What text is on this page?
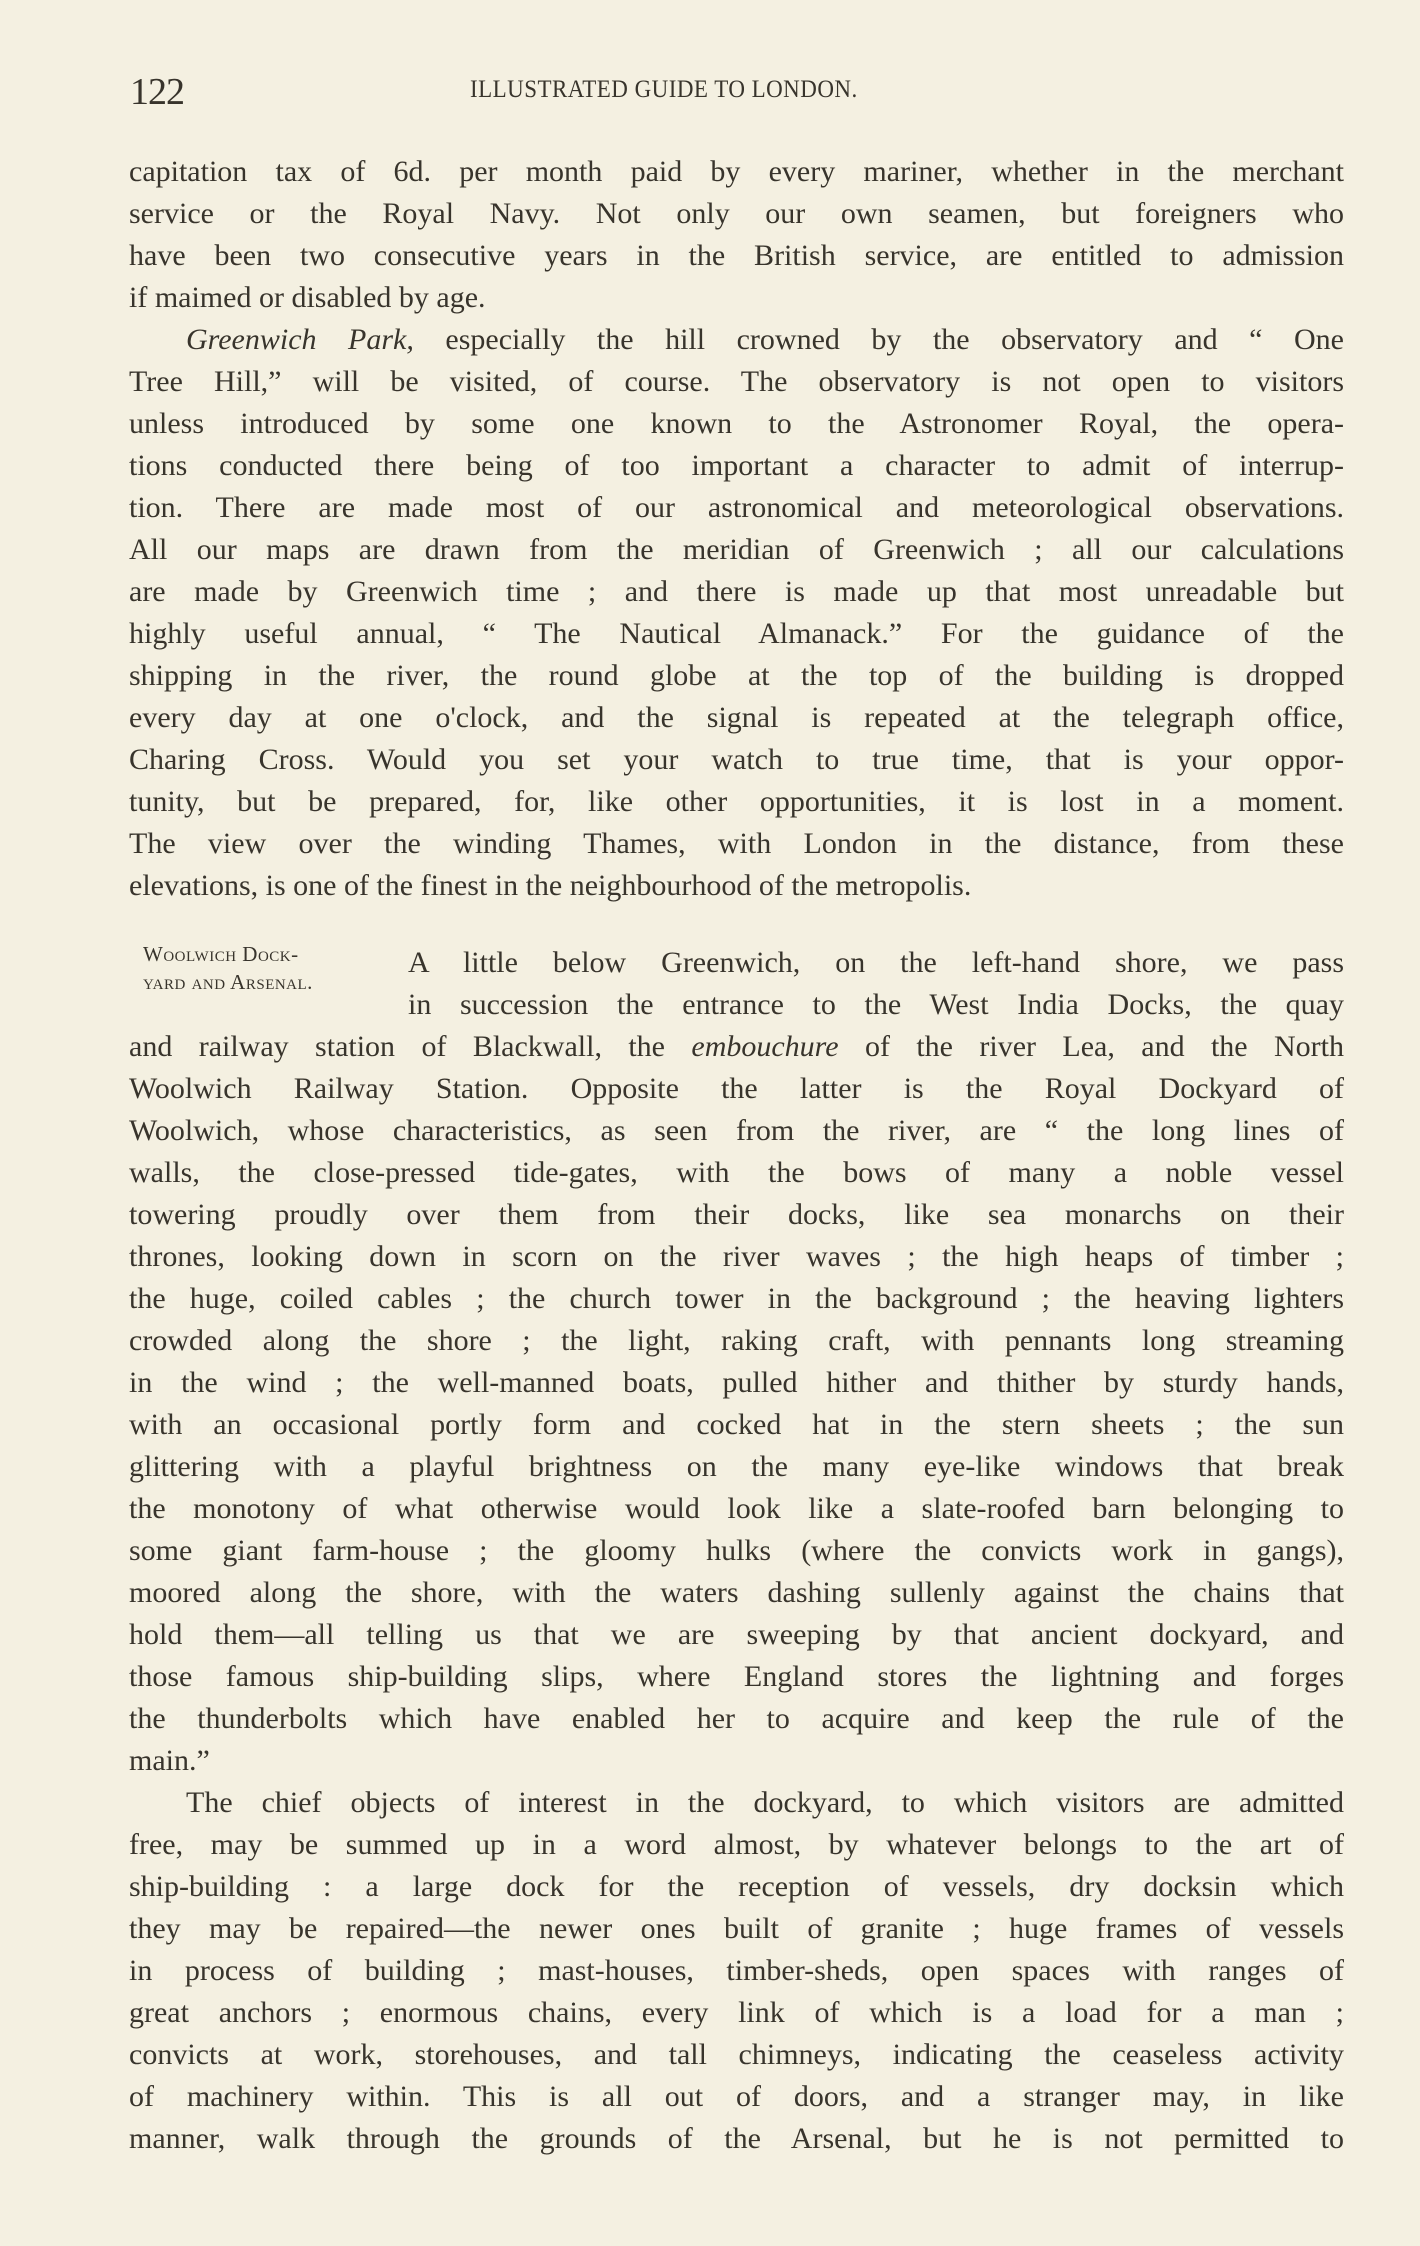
122	ILLUSTRATED GUIDE TO LONDON.
capitation tax of 6d. per month paid by every mariner, whether in the merchant
service or the Royal Navy. Not only our own seamen, but foreigners who
have been two consecutive years in the British service, are entitled to admission
if maimed or disabled by age.
Greenwich Park, especially the hill crowned by the observatory and “ One
Tree Hill,” will be visited, of course. The observatory is not open to visitors
unless introduced by some one known to the Astronomer Royal, the opera-
tions conducted there being of too important a character to admit of interrup-
tion. There are made most of our astronomical and meteorological observations.
All our maps are drawn from the meridian of Greenwich ; all our calculations
are made by Greenwich time ; and there is made up that most unreadable but
highly useful annual, “ The Nautical Almanack.” For the guidance of the
shipping in the river, the round globe at the top of the building is dropped
every day at one o'clock, and the signal is repeated at the telegraph office,
Charing Cross. Would you set your watch to true time, that is your oppor-
tunity, but be prepared, for, like other opportunities, it is lost in a moment.
The view over the winding Thames, with London in the distance, from these
elevations, is one of the finest in the neighbourhood of the metropolis.
Woolwich Dock-
yard and Arsenal.
A little below Greenwich, on the left-hand shore, we pass
in succession the entrance to the West India Docks, the quay
and railway station of Blackwall, the embouchure of the river Lea, and the North
Woolwich Railway Station. Opposite the latter is the Royal Dockyard of
Woolwich, whose characteristics, as seen from the river, are “ the long lines of
walls, the close-pressed tide-gates, with the bows of many a noble vessel
towering proudly over them from their docks, like sea monarchs on their
thrones, looking down in scorn on the river waves ; the high heaps of timber ;
the huge, coiled cables ; the church tower in the background ; the heaving lighters
crowded along the shore ; the light, raking craft, with pennants long streaming
in the wind ; the well-manned boats, pulled hither and thither by sturdy hands,
with an occasional portly form and cocked hat in the stern sheets ; the sun
glittering with a playful brightness on the many eye-like windows that break
the monotony of what otherwise would look like a slate-roofed barn belonging to
some giant farm-house ; the gloomy hulks (where the convicts work in gangs),
moored along the shore, with the waters dashing sullenly against the chains that
hold them—all telling us that we are sweeping by that ancient dockyard, and
those famous ship-building slips, where England stores the lightning and forges
the thunderbolts which have enabled her to acquire and keep the rule of the
main.”
The chief objects of interest in the dockyard, to which visitors are admitted
free, may be summed up in a word almost, by whatever belongs to the art of
ship-building : a large dock for the reception of vessels, dry docksin which
they may be repaired—the newer ones built of granite ; huge frames of vessels
in process of building ; mast-houses, timber-sheds, open spaces with ranges of
great anchors ; enormous chains, every link of which is a load for a man ;
convicts at work, storehouses, and tall chimneys, indicating the ceaseless activity
of machinery within. This is all out of doors, and a stranger may, in like
manner, walk through the grounds of the Arsenal, but he is not permitted to
